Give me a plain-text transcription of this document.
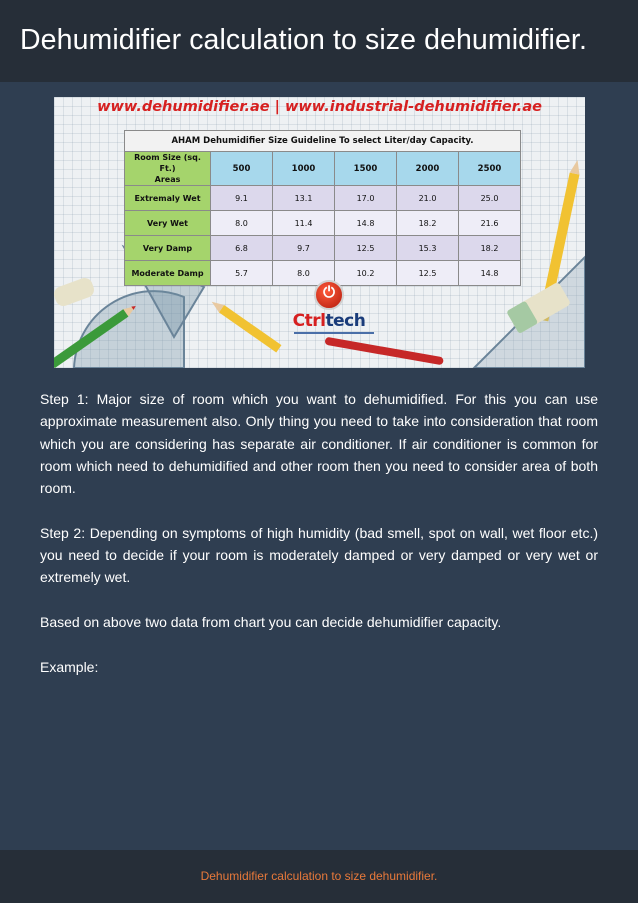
Dehumidifier calculation to size dehumidifier.
www.dehumidifier.ae | www.industrial-dehumidifier.ae
AHAM Dehumidifier Size Guideline To select Liter/day Capacity.					
Room Size (sq. Ft.)
Areas	500	1000	1500	2000	2500
Extremaly Wet	9.1	13.1	17.0	21.0	25.0
Very Wet	8.0	11.4	14.8	18.2	21.6
Very Damp	6.8	9.7	12.5	15.3	18.2
Moderate Damp	5.7	8.0	10.2	12.5	14.8
⏻
Ctrltech

Step 1: Major size of room which you want to dehumidified. For this you can use approximate measurement also. Only thing you need to take into consideration that room which you are considering has separate air conditioner. If air conditioner is common for room which need to dehumidified and other room then you need to consider area of both room.

Step 2: Depending on symptoms of high humidity (bad smell, spot on wall, wet floor etc.) you need to decide if your room is moderately damped or very damped or very wet or extremely wet.

Based on above two data from chart you can decide dehumidifier capacity.

Example:

Dehumidifier calculation to size dehumidifier.
